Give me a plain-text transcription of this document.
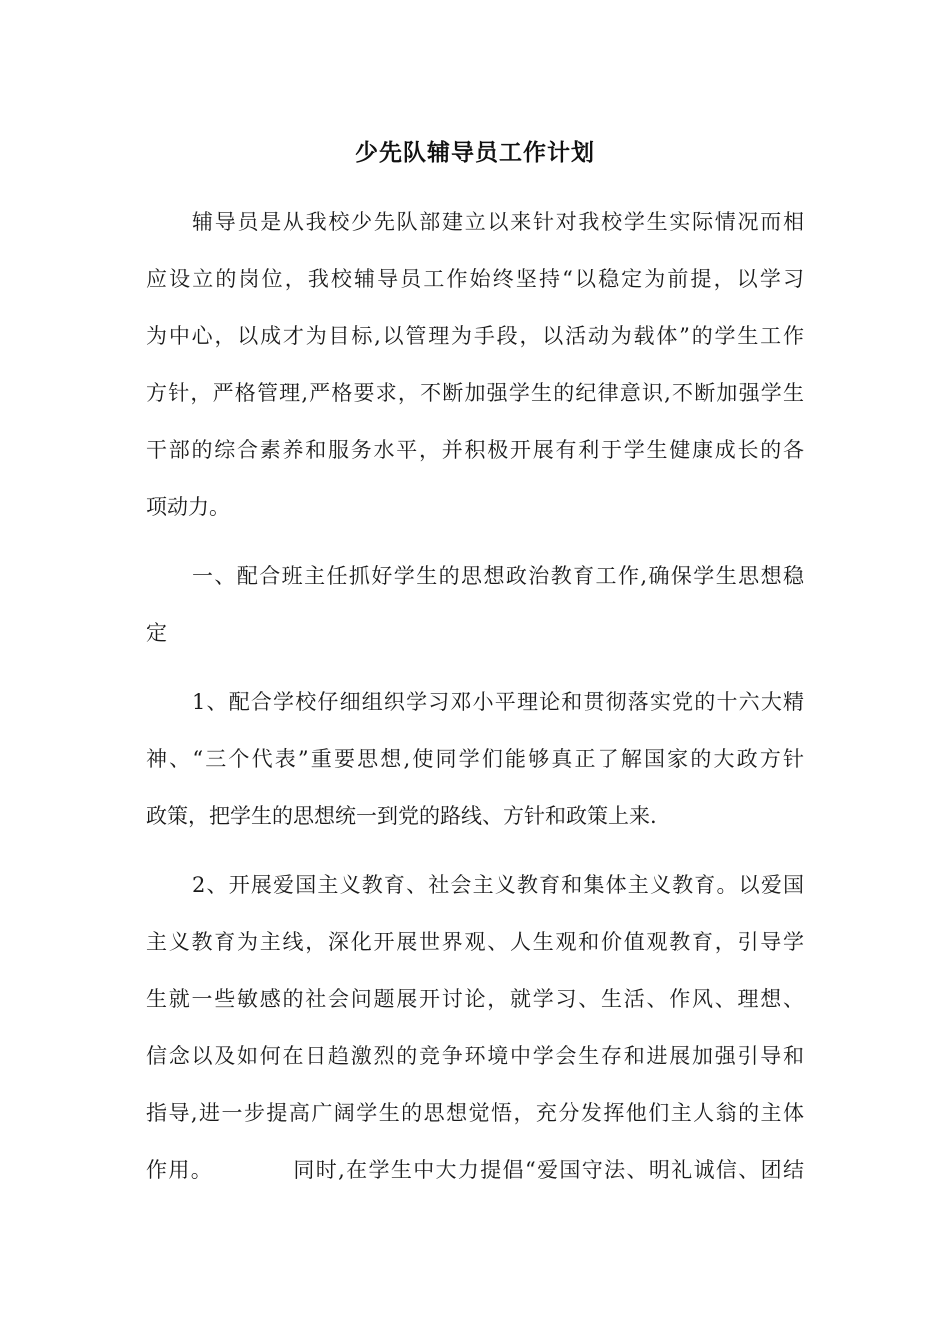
少先队辅导员工作计划
辅导员是从我校少先队部建立以来针对我校学生实际情况而相
应设立的岗位，我校辅导员工作始终坚持“以稳定为前提，以学习
为中心，以成才为目标,以管理为手段，以活动为载体”的学生工作
方针，严格管理,严格要求，不断加强学生的纪律意识,不断加强学生
干部的综合素养和服务水平，并积极开展有利于学生健康成长的各
项动力。
一、配合班主任抓好学生的思想政治教育工作,确保学生思想稳
定
1、配合学校仔细组织学习邓小平理论和贯彻落实党的十六大精
神、“三个代表”重要思想,使同学们能够真正了解国家的大政方针
政策，把学生的思想统一到党的路线、方针和政策上来.
2、开展爱国主义教育、社会主义教育和集体主义教育。以爱国
主义教育为主线，深化开展世界观、人生观和价值观教育，引导学
生就一些敏感的社会问题展开讨论，就学习、生活、作风、理想、
信念以及如何在日趋激烈的竞争环境中学会生存和进展加强引导和
指导,进一步提高广阔学生的思想觉悟，充分发挥他们主人翁的主体
作用。          同时,在学生中大力提倡“爱国守法、明礼诚信、团结
